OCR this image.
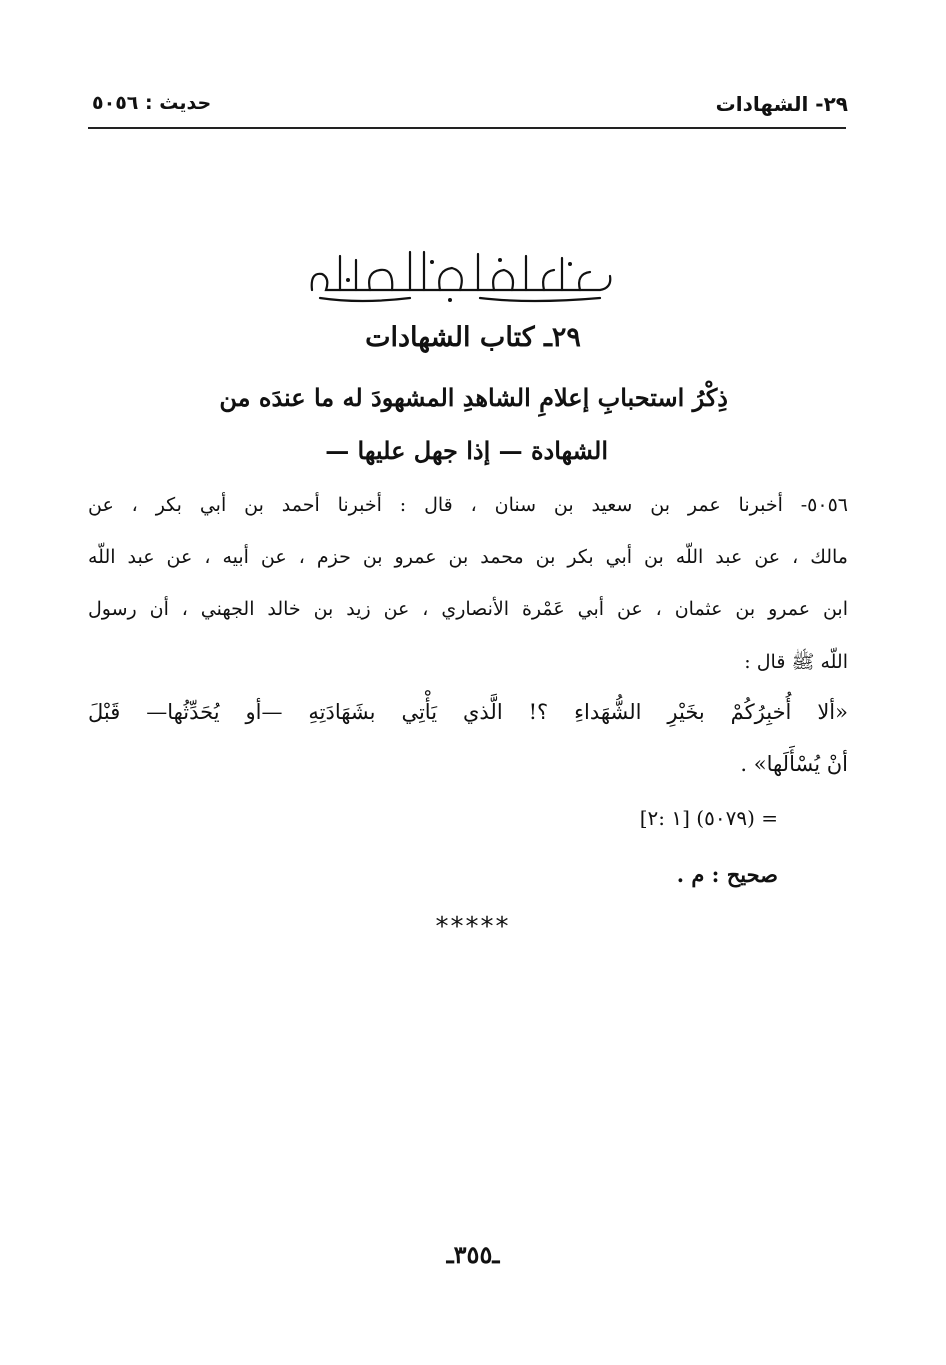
٢٩- الشهادات
حديث : ٥٠٥٦
٢٩ـ كتاب الشهادات
ذِكْرُ استحبابِ إعلامِ الشاهدِ المشهودَ له ما عندَه من
الشهادة — إذا جهل عليها —
٥٠٥٦- أخبرنا عمر بن سعيد بن سنان ، قال : أخبرنا أحمد بن أبي بكر ، عن
مالك ، عن عبد اللّه بن أبي بكر بن محمد بن عمرو بن حزم ، عن أبيه ، عن عبد اللّه
ابن عمرو بن عثمان ، عن أبي عَمْرة الأنصاري ، عن زيد بن خالد الجهني ، أن رسول
اللّه ﷺ قال :
«ألا أُخبِرُكُمْ بخَيْرِ الشُّهَداءِ ؟! الَّذي يَأْتِي بشَهَادَتِهِ —أو يُحَدِّثُها— قَبْلَ
أنْ يُسْأَلَها» .
= (٥٠٧٩) [١ :٢]
صحيح : م .
*****
ـ٣٥٥ـ
